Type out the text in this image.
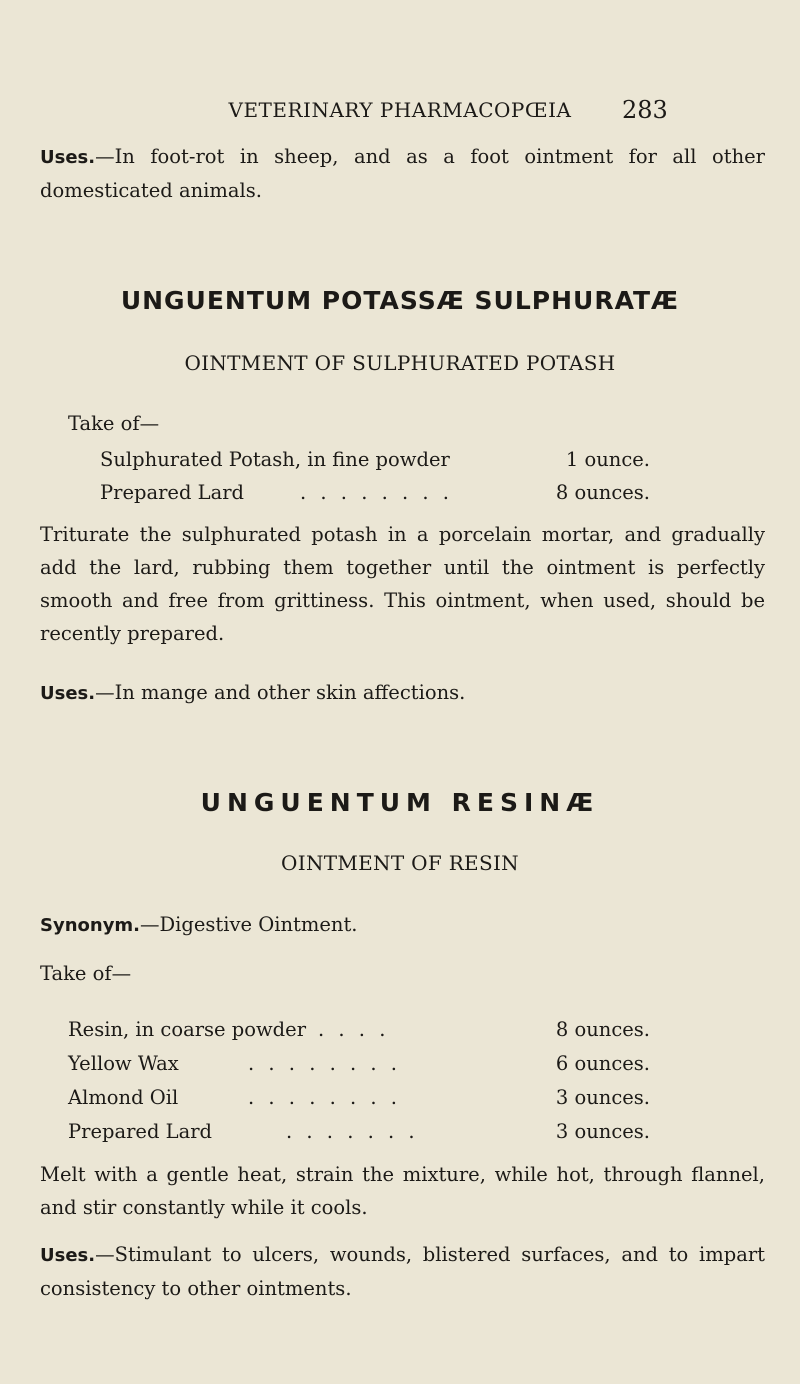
VETERINARY PHARMACOPŒIA	283

Uses.—In foot-rot in sheep, and as a foot ointment for all other domesticated animals.

UNGUENTUM POTASSÆ SULPHURATÆ
OINTMENT OF SULPHURATED POTASH
Take of—
Sulphurated Potash, in fine powder	1 ounce.
Prepared Lard	. . . . . . . .	8 ounces.

Triturate the sulphurated potash in a porcelain mortar, and gradually add the lard, rubbing them together until the ointment is perfectly smooth and free from grittiness. This ointment, when used, should be recently prepared.

Uses.—In mange and other skin affections.

UNGUENTUM RESINÆ
OINTMENT OF RESIN

Synonym.—Digestive Ointment.

Take of—
Resin, in coarse powder . . . .	8 ounces.
Yellow Wax	. . . . . . . .	6 ounces.
Almond Oil	. . . . . . . .	3 ounces.
Prepared Lard	. . . . . . .	3 ounces.

Melt with a gentle heat, strain the mixture, while hot, through flannel, and stir constantly while it cools.

Uses.—Stimulant to ulcers, wounds, blistered surfaces, and to impart consistency to other ointments.
